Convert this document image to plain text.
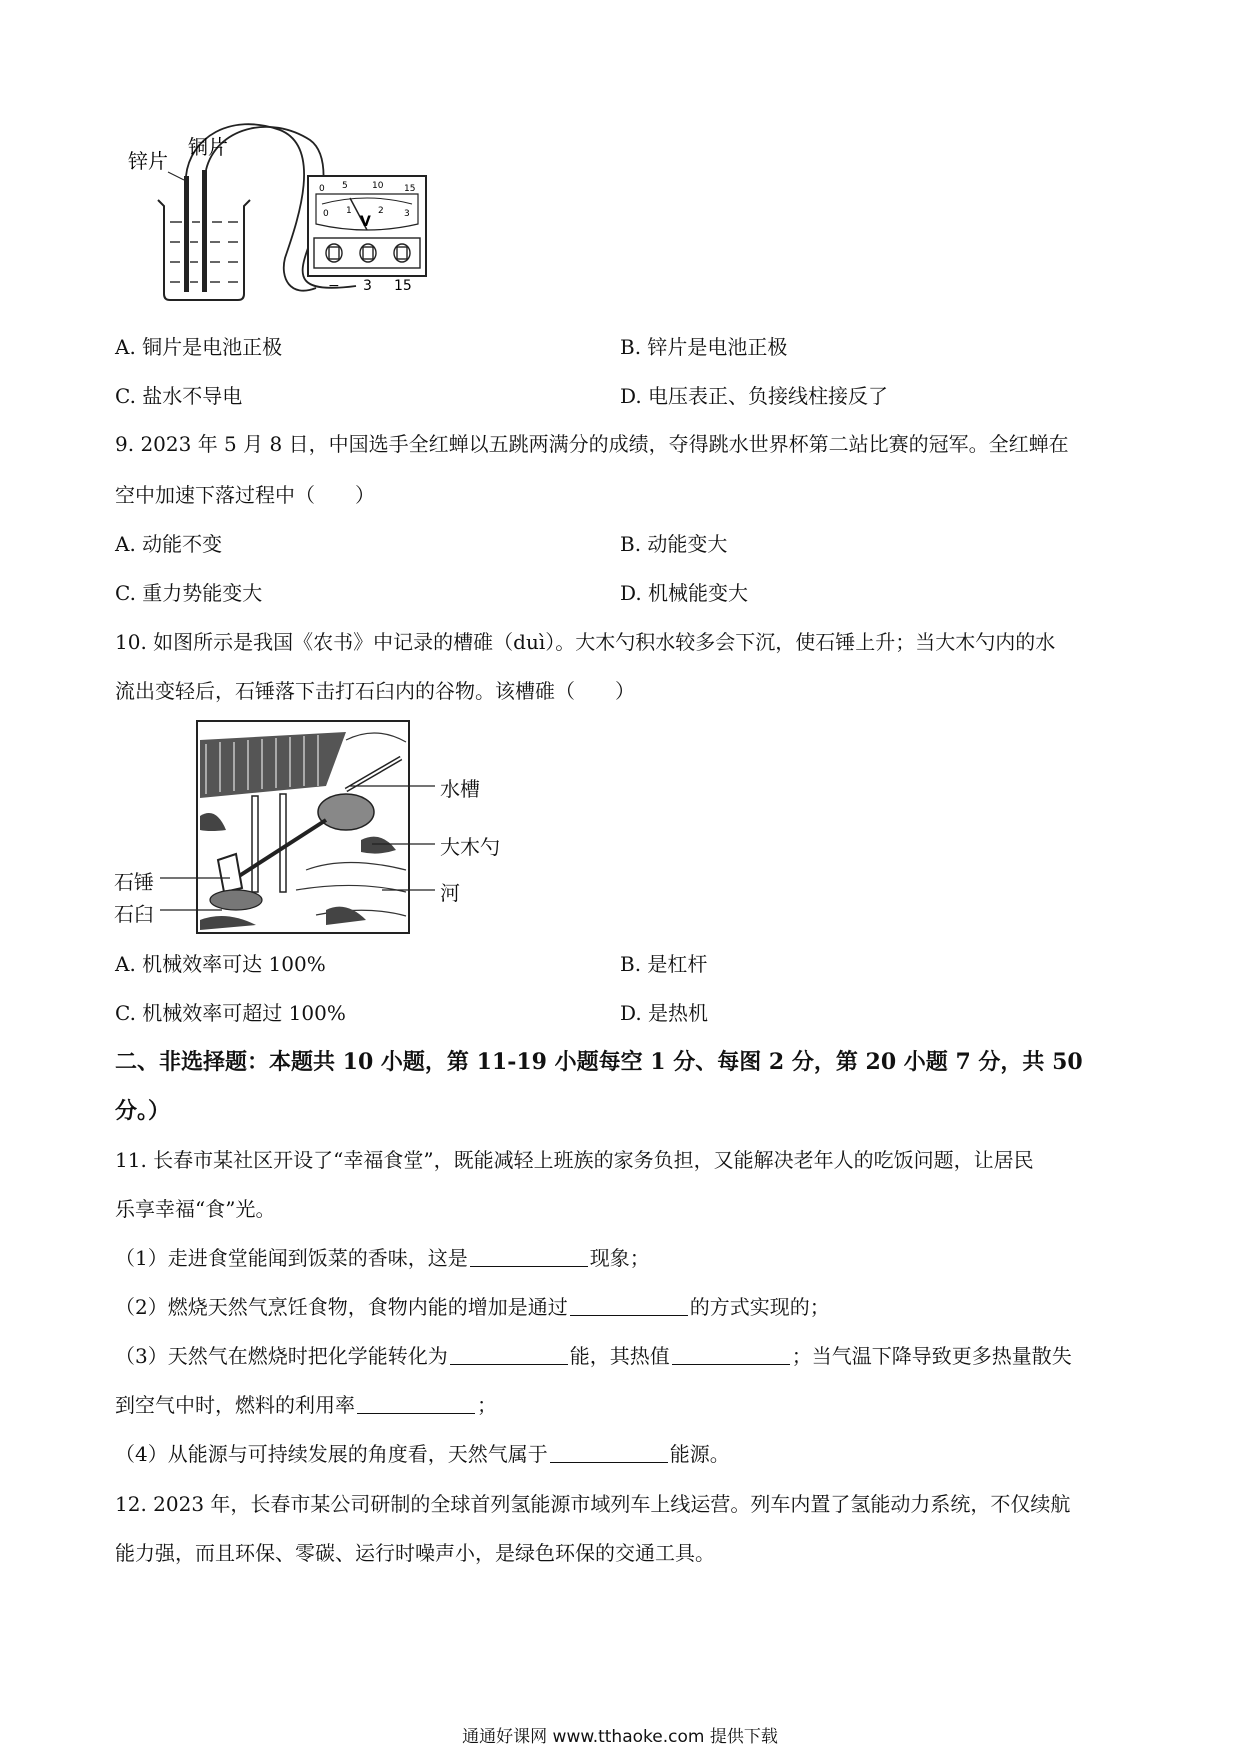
0 5	10 15
0 1	2 3
V
− 3 15
锌片
铜片
A. 铜片是电池正极	B. 锌片是电池正极
C. 盐水不导电	D. 电压表正、负接线柱接反了
9. 2023 年 5 月 8 日，中国选手全红蝉以五跳两满分的成绩，夺得跳水世界杯第二站比赛的冠军。全红蝉在
空中加速下落过程中（　　）
A. 动能不变	B. 动能变大
C. 重力势能变大	D. 机械能变大
10. 如图所示是我国《农书》中记录的槽碓（duì）。大木勺积水较多会下沉，使石锤上升；当大木勺内的水
流出变轻后，石锤落下击打石臼内的谷物。该槽碓（　　）
水槽
大木勺
河
石锤
石臼
A. 机械效率可达 100%	B. 是杠杆
C. 机械效率可超过 100%	D. 是热机
二、非选择题：本题共 10 小题，第 11-19 小题每空 1 分、每图 2 分，第 20 小题 7 分，共 50
分。）
11. 长春市某社区开设了“幸福食堂”，既能减轻上班族的家务负担，又能解决老年人的吃饭问题，让居民
乐享幸福“食”光。
（1）走进食堂能闻到饭菜的香味，这是	现象；
（2）燃烧天然气烹饪食物，食物内能的增加是通过	的方式实现的；
（3）天然气在燃烧时把化学能转化为	能，其热值	；当气温下降导致更多热量散失
到空气中时，燃料的利用率	；
（4）从能源与可持续发展的角度看，天然气属于	能源。
12. 2023 年，长春市某公司研制的全球首列氢能源市域列车上线运营。列车内置了氢能动力系统，不仅续航
能力强，而且环保、零碳、运行时噪声小，是绿色环保的交通工具。
通通好课网 www.tthaoke.com 提供下载
